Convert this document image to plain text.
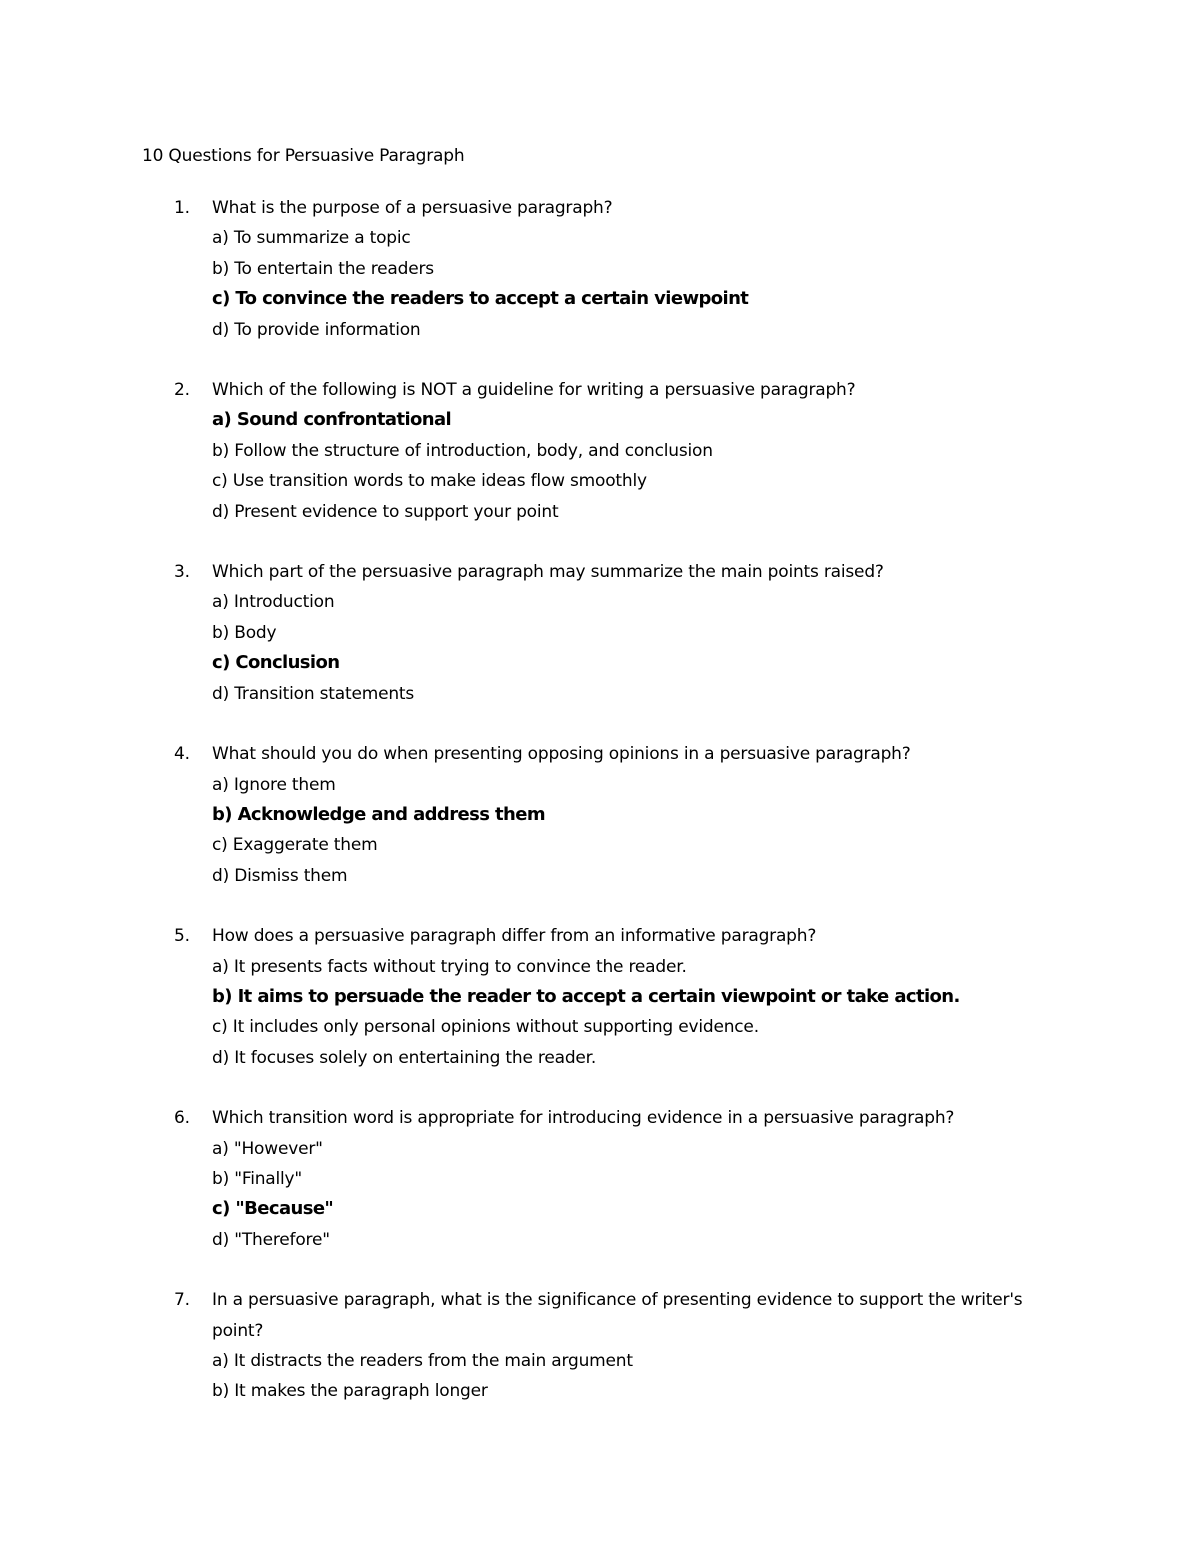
10 Questions for Persuasive Paragraph
1.	What is the purpose of a persuasive paragraph?
a) To summarize a topic
b) To entertain the readers
c) To convince the readers to accept a certain viewpoint
d) To provide information
2.	Which of the following is NOT a guideline for writing a persuasive paragraph?
a) Sound confrontational
b) Follow the structure of introduction, body, and conclusion
c) Use transition words to make ideas flow smoothly
d) Present evidence to support your point
3.	Which part of the persuasive paragraph may summarize the main points raised?
a) Introduction
b) Body
c) Conclusion
d) Transition statements
4.	What should you do when presenting opposing opinions in a persuasive paragraph?
a) Ignore them
b) Acknowledge and address them
c) Exaggerate them
d) Dismiss them
5.	How does a persuasive paragraph differ from an informative paragraph?
a) It presents facts without trying to convince the reader.
b) It aims to persuade the reader to accept a certain viewpoint or take action.
c) It includes only personal opinions without supporting evidence.
d) It focuses solely on entertaining the reader.
6.	Which transition word is appropriate for introducing evidence in a persuasive paragraph?
a) "However"
b) "Finally"
c) "Because"
d) "Therefore"
7.	In a persuasive paragraph, what is the significance of presenting evidence to support the writer's point?
a) It distracts the readers from the main argument
b) It makes the paragraph longer
